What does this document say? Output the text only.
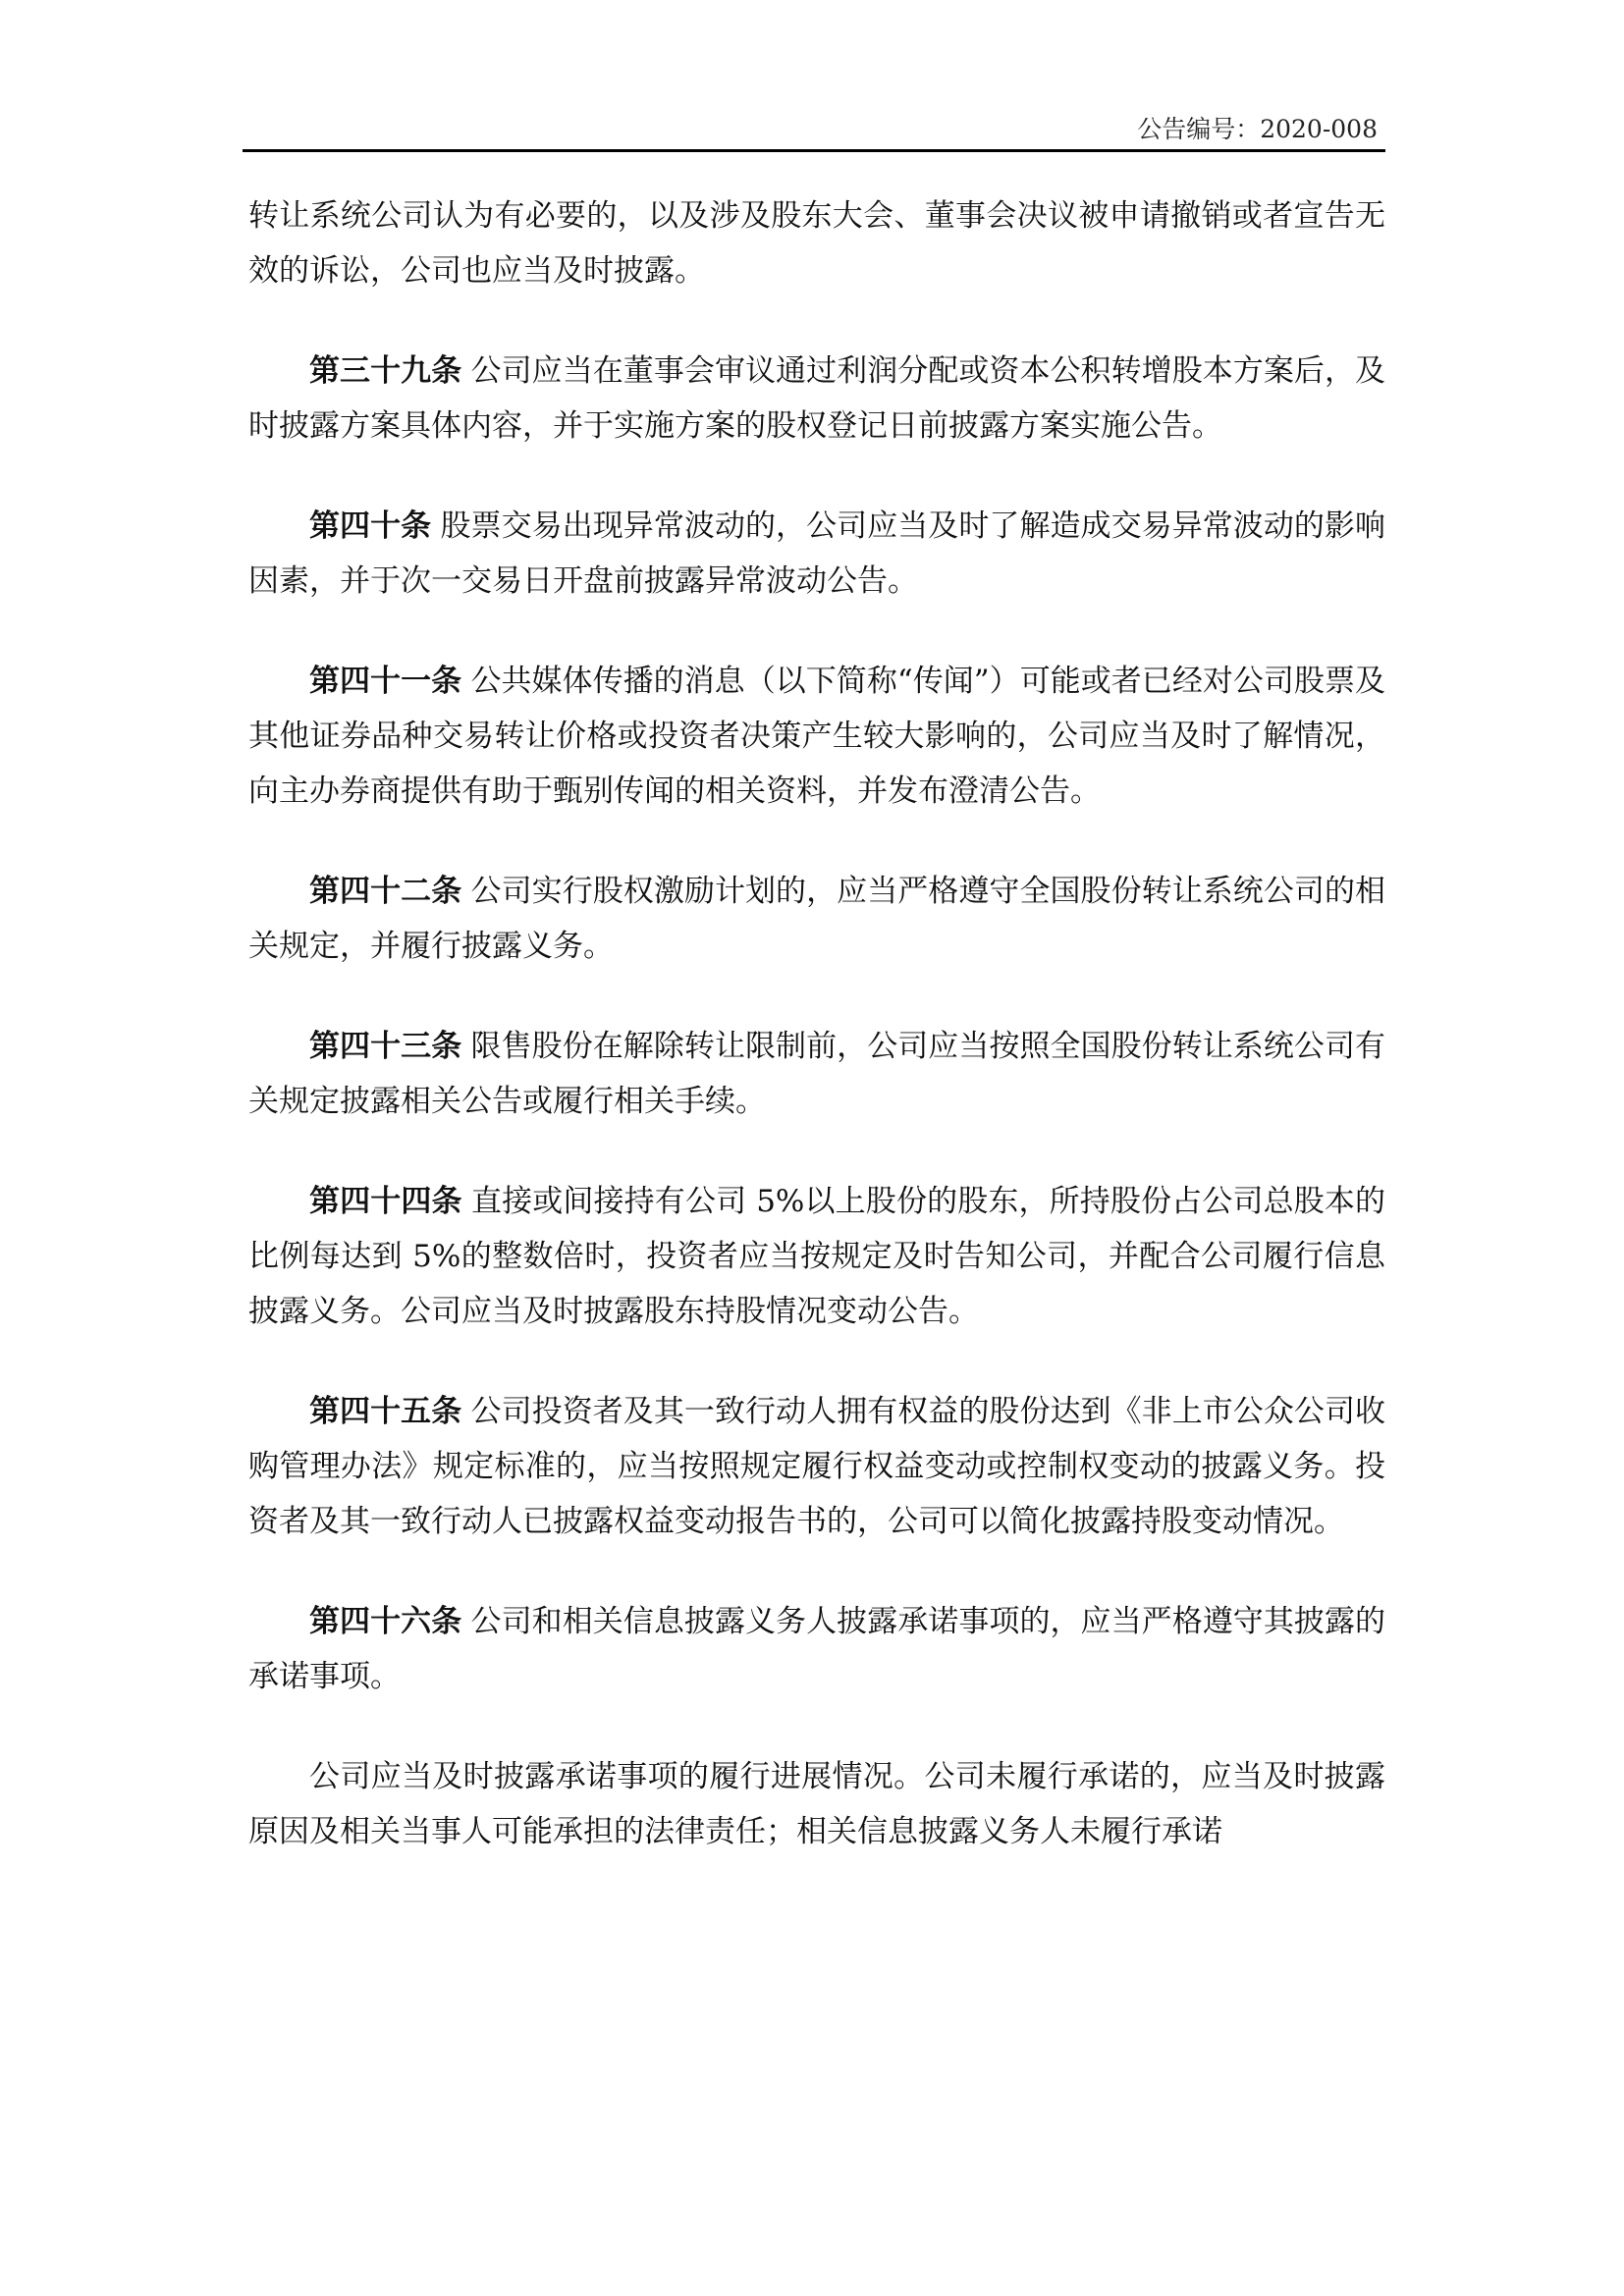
公告编号：2020-008

转让系统公司认为有必要的，以及涉及股东大会、董事会决议被申请撤销或者宣告无效的诉讼，公司也应当及时披露。

第三十九条 公司应当在董事会审议通过利润分配或资本公积转增股本方案后，及时披露方案具体内容，并于实施方案的股权登记日前披露方案实施公告。

第四十条 股票交易出现异常波动的，公司应当及时了解造成交易异常波动的影响因素，并于次一交易日开盘前披露异常波动公告。

第四十一条 公共媒体传播的消息（以下简称“传闻”）可能或者已经对公司股票及其他证券品种交易转让价格或投资者决策产生较大影响的，公司应当及时了解情况，向主办券商提供有助于甄别传闻的相关资料，并发布澄清公告。

第四十二条 公司实行股权激励计划的，应当严格遵守全国股份转让系统公司的相关规定，并履行披露义务。

第四十三条 限售股份在解除转让限制前，公司应当按照全国股份转让系统公司有关规定披露相关公告或履行相关手续。

第四十四条 直接或间接持有公司 5%以上股份的股东，所持股份占公司总股本的比例每达到 5%的整数倍时，投资者应当按规定及时告知公司，并配合公司履行信息披露义务。公司应当及时披露股东持股情况变动公告。

第四十五条 公司投资者及其一致行动人拥有权益的股份达到《非上市公众公司收购管理办法》规定标准的，应当按照规定履行权益变动或控制权变动的披露义务。投资者及其一致行动人已披露权益变动报告书的，公司可以简化披露持股变动情况。

第四十六条 公司和相关信息披露义务人披露承诺事项的，应当严格遵守其披露的承诺事项。

公司应当及时披露承诺事项的履行进展情况。公司未履行承诺的，应当及时披露原因及相关当事人可能承担的法律责任；相关信息披露义务人未履行承诺
